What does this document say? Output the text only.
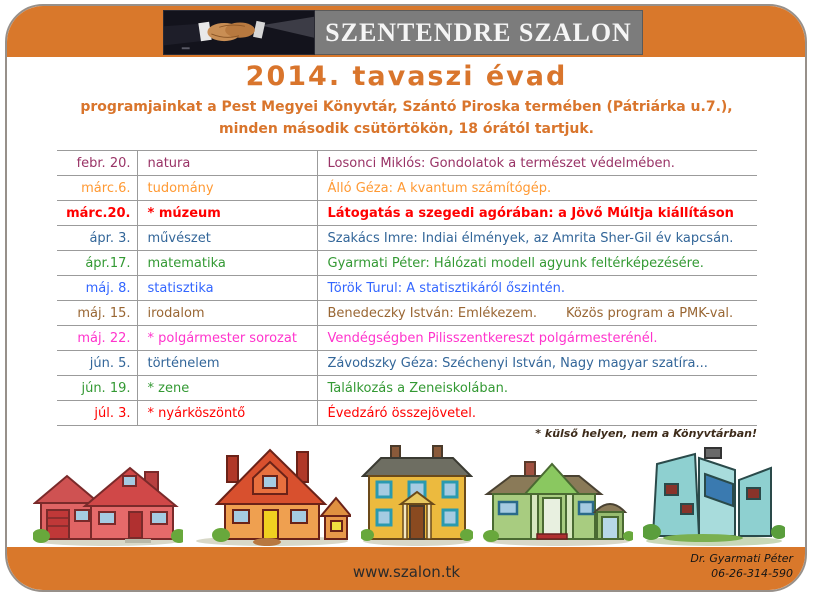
SZENTENDRE SZALON
2014. tavaszi évad
programjainkat a Pest Megyei Könyvtár, Szántó Piroska termében (Pátriárka u.7.),
minden második csütörtökön, 18 órától tartjuk.
febr. 20.	natura	Losonci Miklós: Gondolatok a természet védelmében.
márc.6.	tudomány	Álló Géza: A kvantum számítógép.
márc.20.	* múzeum	Látogatás a szegedi agórában: a Jövő Múltja kiállításon
ápr. 3.	művészet	Szakács Imre: Indiai élmények, az Amrita Sher-Gil év kapcsán.
ápr.17.	matematika	Gyarmati Péter: Hálózati modell agyunk feltérképezésére.
máj. 8.	statisztika	Török Turul: A statisztikáról őszintén.
máj. 15.	irodalom	Benedeczky István: Emlékezem.       Közös program a PMK-val.
máj. 22.	* polgármester sorozat	Vendégségben Pilisszentkereszt polgármesterénél.
jún. 5.	történelem	Závodszky Géza: Széchenyi István, Nagy magyar szatíra...
jún. 19.	* zene	Találkozás a Zeneiskolában.
júl. 3.	* nyárköszöntő	Évedzáró összejövetel.
* külső helyen, nem a Könyvtárban!
www.szalon.tk
Dr. Gyarmati Péter
06-26-314-590
